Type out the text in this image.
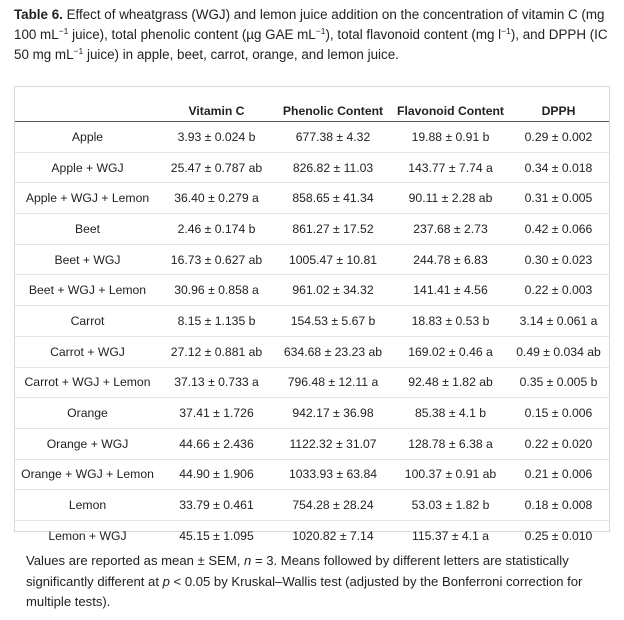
Table 6. Effect of wheatgrass (WGJ) and lemon juice addition on the concentration of vitamin C (mg 100 $mL^{-1}$ juice), total phenolic content (µg GAE $mL^{-1}$), total flavonoid content (mg $l^{-1}$), and DPPH (IC 50 mg $mL^{-1}$ juice) in apple, beet, carrot, orange, and lemon juice.

	Vitamin C	Phenolic Content	Flavonoid Content	DPPH
Apple	3.93 ± 0.024 b	677.38 ± 4.32	19.88 ± 0.91 b	0.29 ± 0.002
Apple + WGJ	25.47 ± 0.787 ab	826.82 ± 11.03	143.77 ± 7.74 a	0.34 ± 0.018
Apple + WGJ + Lemon	36.40 ± 0.279 a	858.65 ± 41.34	90.11 ± 2.28 ab	0.31 ± 0.005
Beet	2.46 ± 0.174 b	861.27 ± 17.52	237.68 ± 2.73	0.42 ± 0.066
Beet + WGJ	16.73 ± 0.627 ab	1005.47 ± 10.81	244.78 ± 6.83	0.30 ± 0.023
Beet + WGJ + Lemon	30.96 ± 0.858 a	961.02 ± 34.32	141.41 ± 4.56	0.22 ± 0.003
Carrot	8.15 ± 1.135 b	154.53 ± 5.67 b	18.83 ± 0.53 b	3.14 ± 0.061 a
Carrot + WGJ	27.12 ± 0.881 ab	634.68 ± 23.23 ab	169.02 ± 0.46 a	0.49 ± 0.034 ab
Carrot + WGJ + Lemon	37.13 ± 0.733 a	796.48 ± 12.11 a	92.48 ± 1.82 ab	0.35 ± 0.005 b
Orange	37.41 ± 1.726	942.17 ± 36.98	85.38 ± 4.1 b	0.15 ± 0.006
Orange + WGJ	44.66 ± 2.436	1122.32 ± 31.07	128.78 ± 6.38 a	0.22 ± 0.020
Orange + WGJ + Lemon	44.90 ± 1.906	1033.93 ± 63.84	100.37 ± 0.91 ab	0.21 ± 0.006
Lemon	33.79 ± 0.461	754.28 ± 28.24	53.03 ± 1.82 b	0.18 ± 0.008
Lemon + WGJ	45.15 ± 1.095	1020.82 ± 7.14	115.37 ± 4.1 a	0.25 ± 0.010

Values are reported as mean ± SEM, n = 3. Means followed by different letters are statistically significantly different at p < 0.05 by Kruskal–Wallis test (adjusted by the Bonferroni correction for multiple tests).
